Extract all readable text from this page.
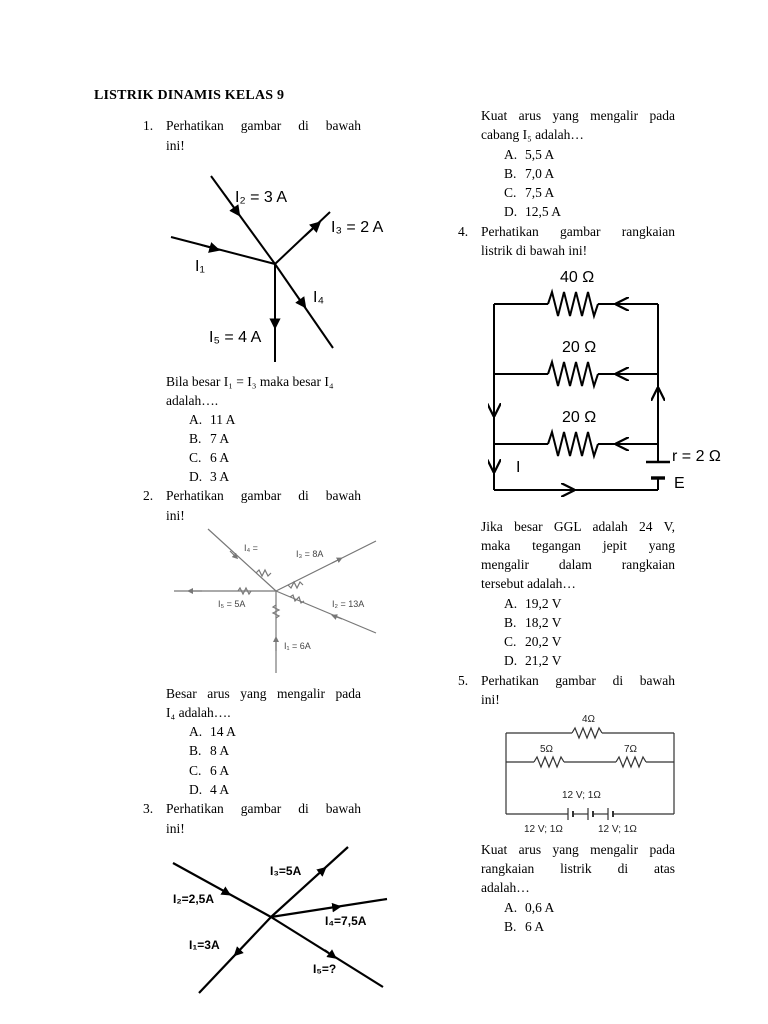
LISTRIK DINAMIS KELAS 9
1. Perhatikan gambar di bawah
ini!
I₂ = 3 A
I₃ = 2 A
I₁
I₄
I₅ = 4 A
Bila besar I₁ = I₃ maka besar I₄
adalah….
A. 11 A
B. 7 A
C. 6 A
D. 3 A
2. Perhatikan gambar di bawah
ini!
I₄ =
I₃ = 8A
I₅ = 5A	I₂ = 13A
I₁ = 6A
Besar arus yang mengalir pada
I₄ adalah….
A. 14 A
B. 8 A
C. 6 A
D. 4 A
3. Perhatikan gambar di bawah
ini!
I₃=5A
I₂=2,5A
I₄=7,5A
I₁=3A
I₅=?
Kuat arus yang mengalir pada
cabang I₅ adalah…
A. 5,5 A
B. 7,0 A
C. 7,5 A
D. 12,5 A
4. Perhatikan gambar rangkaian
listrik di bawah ini!
40 Ω
20 Ω
20 Ω
r = 2 Ω
I
E
Jika besar GGL adalah 24 V,
maka tegangan jepit yang
mengalir dalam rangkaian
tersebut adalah…
A. 19,2 V
B. 18,2 V
C. 20,2 V
D. 21,2 V
5. Perhatikan gambar di bawah
ini!
4Ω
5Ω	7Ω
12 V; 1Ω
12 V; 1Ω	12 V; 1Ω
Kuat arus yang mengalir pada
rangkaian listrik di atas
adalah…
A. 0,6 A
B. 6 A
